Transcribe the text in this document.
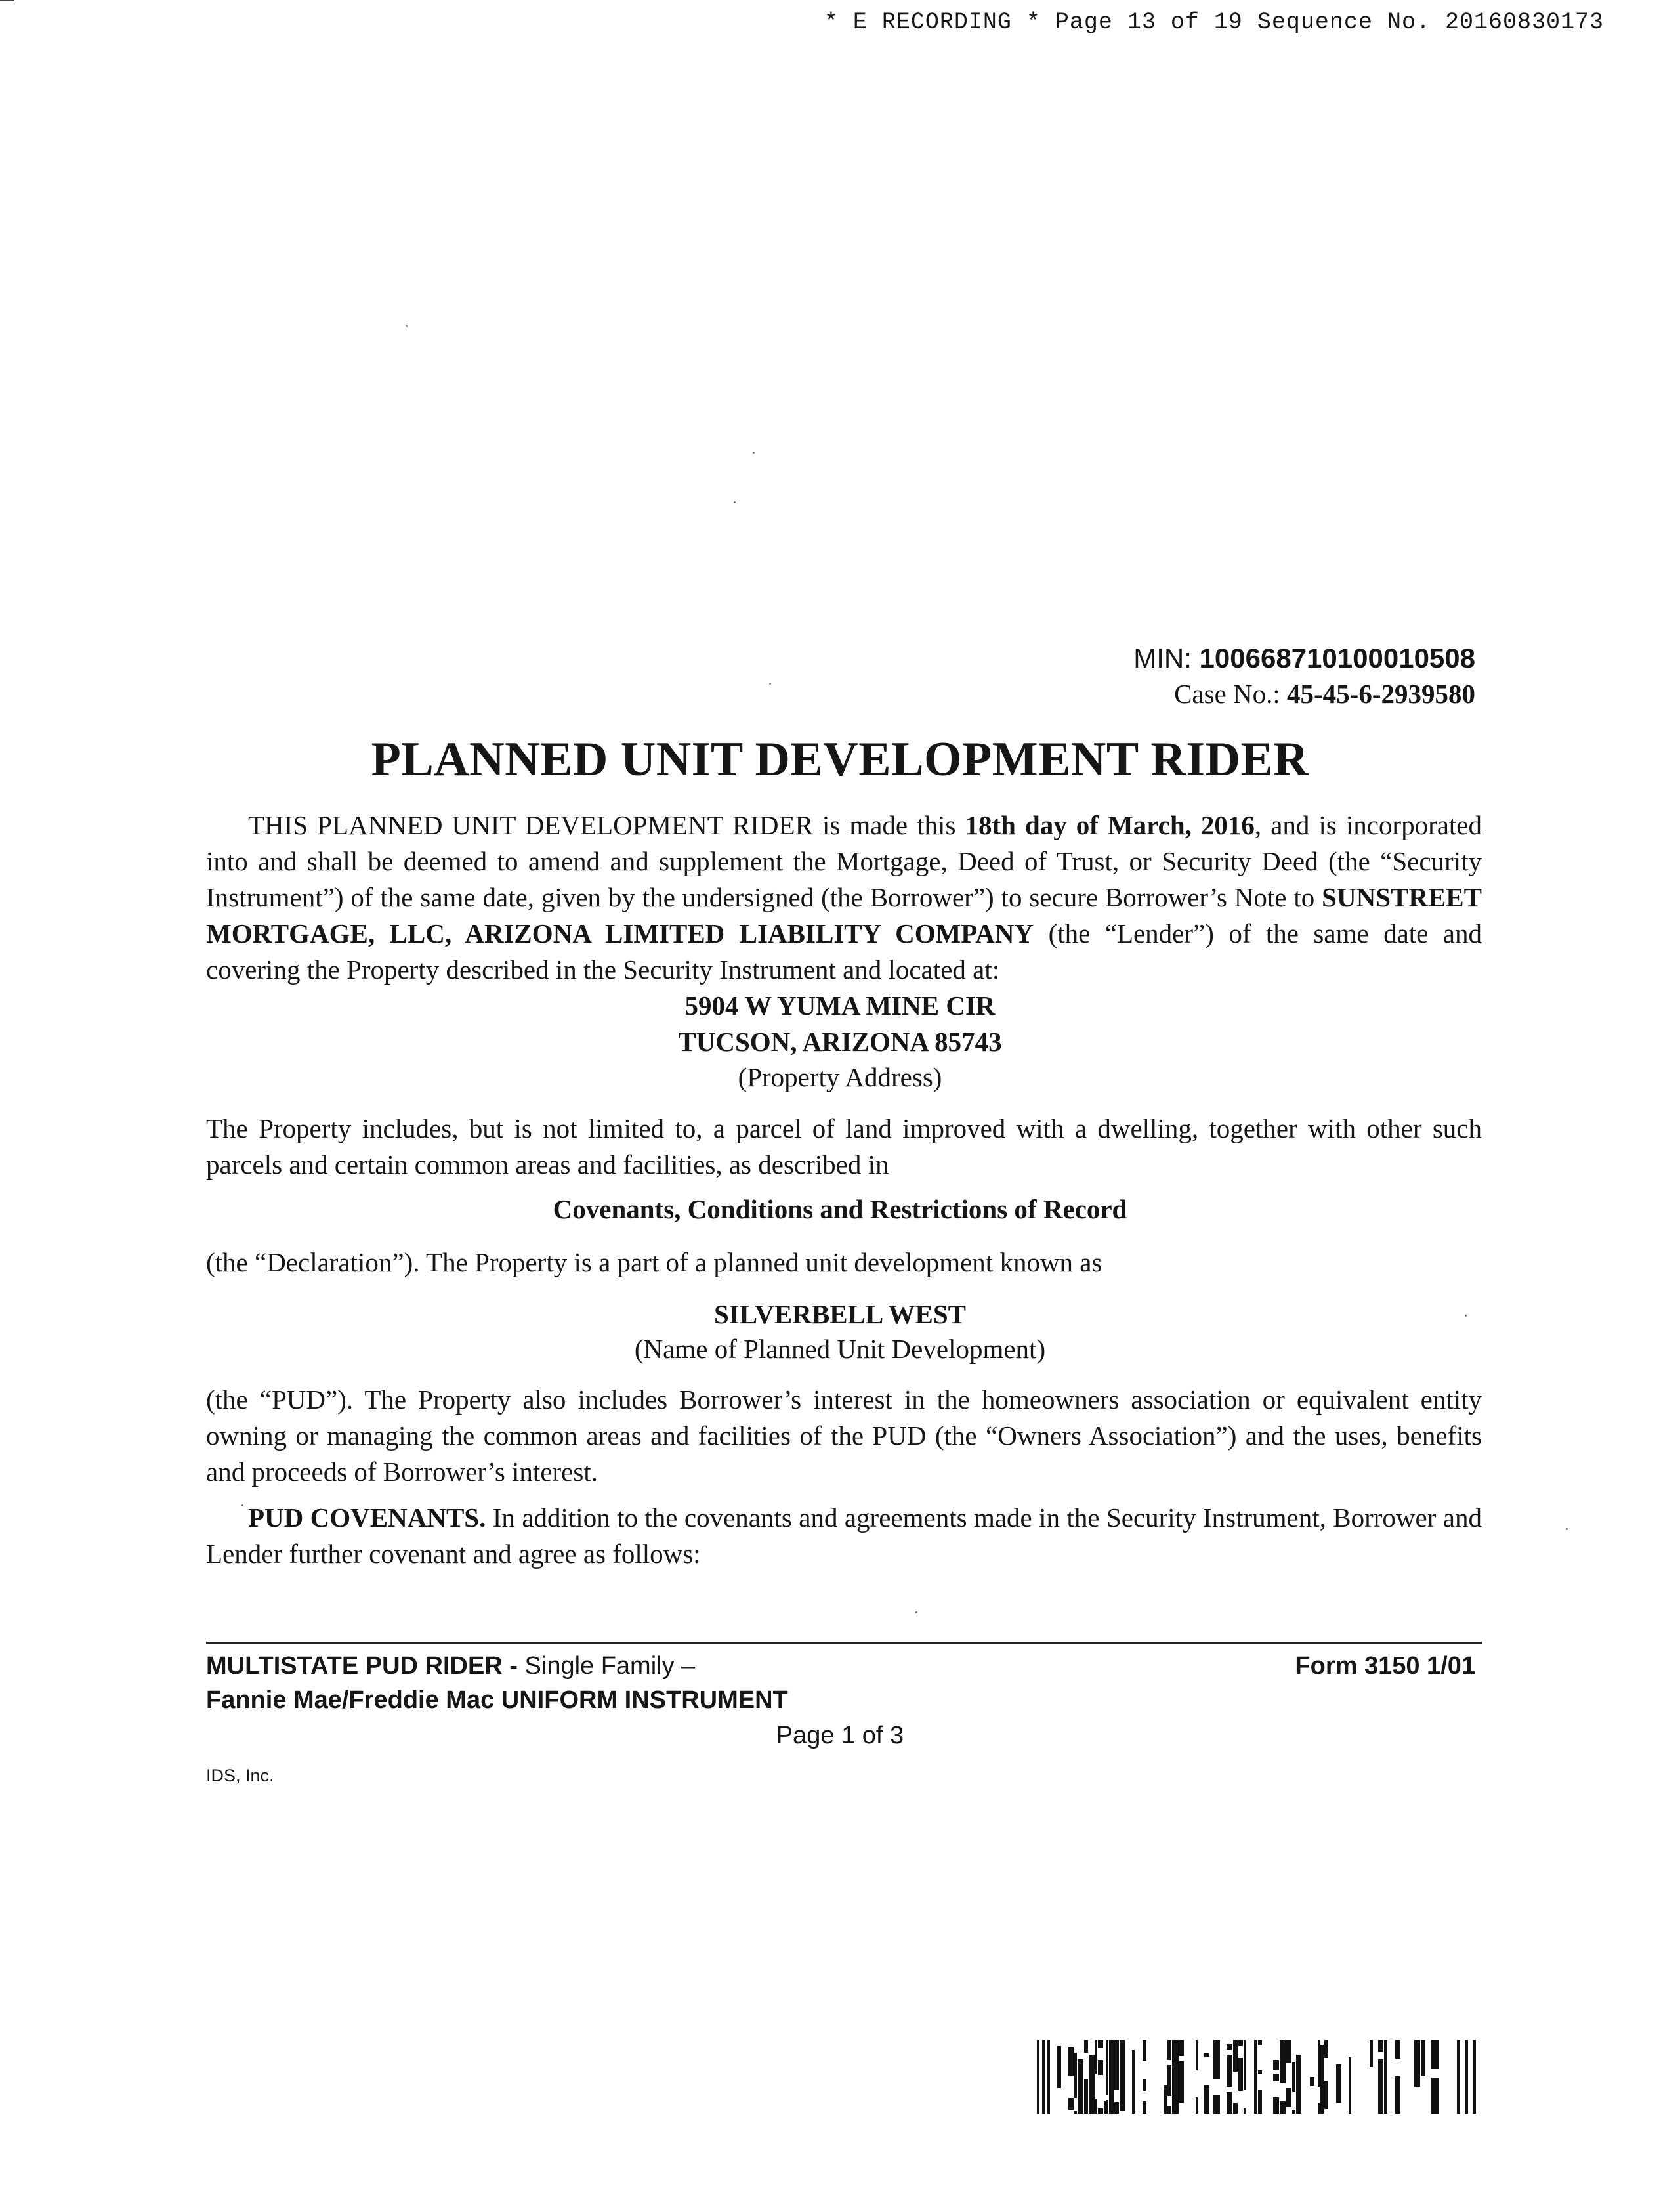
* E RECORDING * Page 13 of 19 Sequence No. 20160830173
MIN: 100668710100010508
Case No.: 45-45-6-2939580
PLANNED UNIT DEVELOPMENT RIDER

THIS PLANNED UNIT DEVELOPMENT RIDER is made this 18th day of March, 2016, and is incorporated into and shall be deemed to amend and supplement the Mortgage, Deed of Trust, or Security Deed (the “Security Instrument”) of the same date, given by the undersigned (the Borrower”) to secure Borrower’s Note to SUNSTREET MORTGAGE, LLC, ARIZONA LIMITED LIABILITY COMPANY (the “Lender”) of the same date and covering the Property described in the Security Instrument and located at:

5904 W YUMA MINE CIR
TUCSON, ARIZONA 85743
(Property Address)

The Property includes, but is not limited to, a parcel of land improved with a dwelling, together with other such parcels and certain common areas and facilities, as described in

Covenants, Conditions and Restrictions of Record

(the “Declaration”). The Property is a part of a planned unit development known as

SILVERBELL WEST
(Name of Planned Unit Development)

(the “PUD”). The Property also includes Borrower’s interest in the homeowners association or equivalent entity owning or managing the common areas and facilities of the PUD (the “Owners Association”) and the uses, benefits and proceeds of Borrower’s interest.

PUD COVENANTS. In addition to the covenants and agreements made in the Security Instrument, Borrower and Lender further covenant and agree as follows:

MULTISTATE PUD RIDER - Single Family –
Fannie Mae/Freddie Mac UNIFORM INSTRUMENT
Form 3150 1/01
Page 1 of 3
IDS, Inc.
